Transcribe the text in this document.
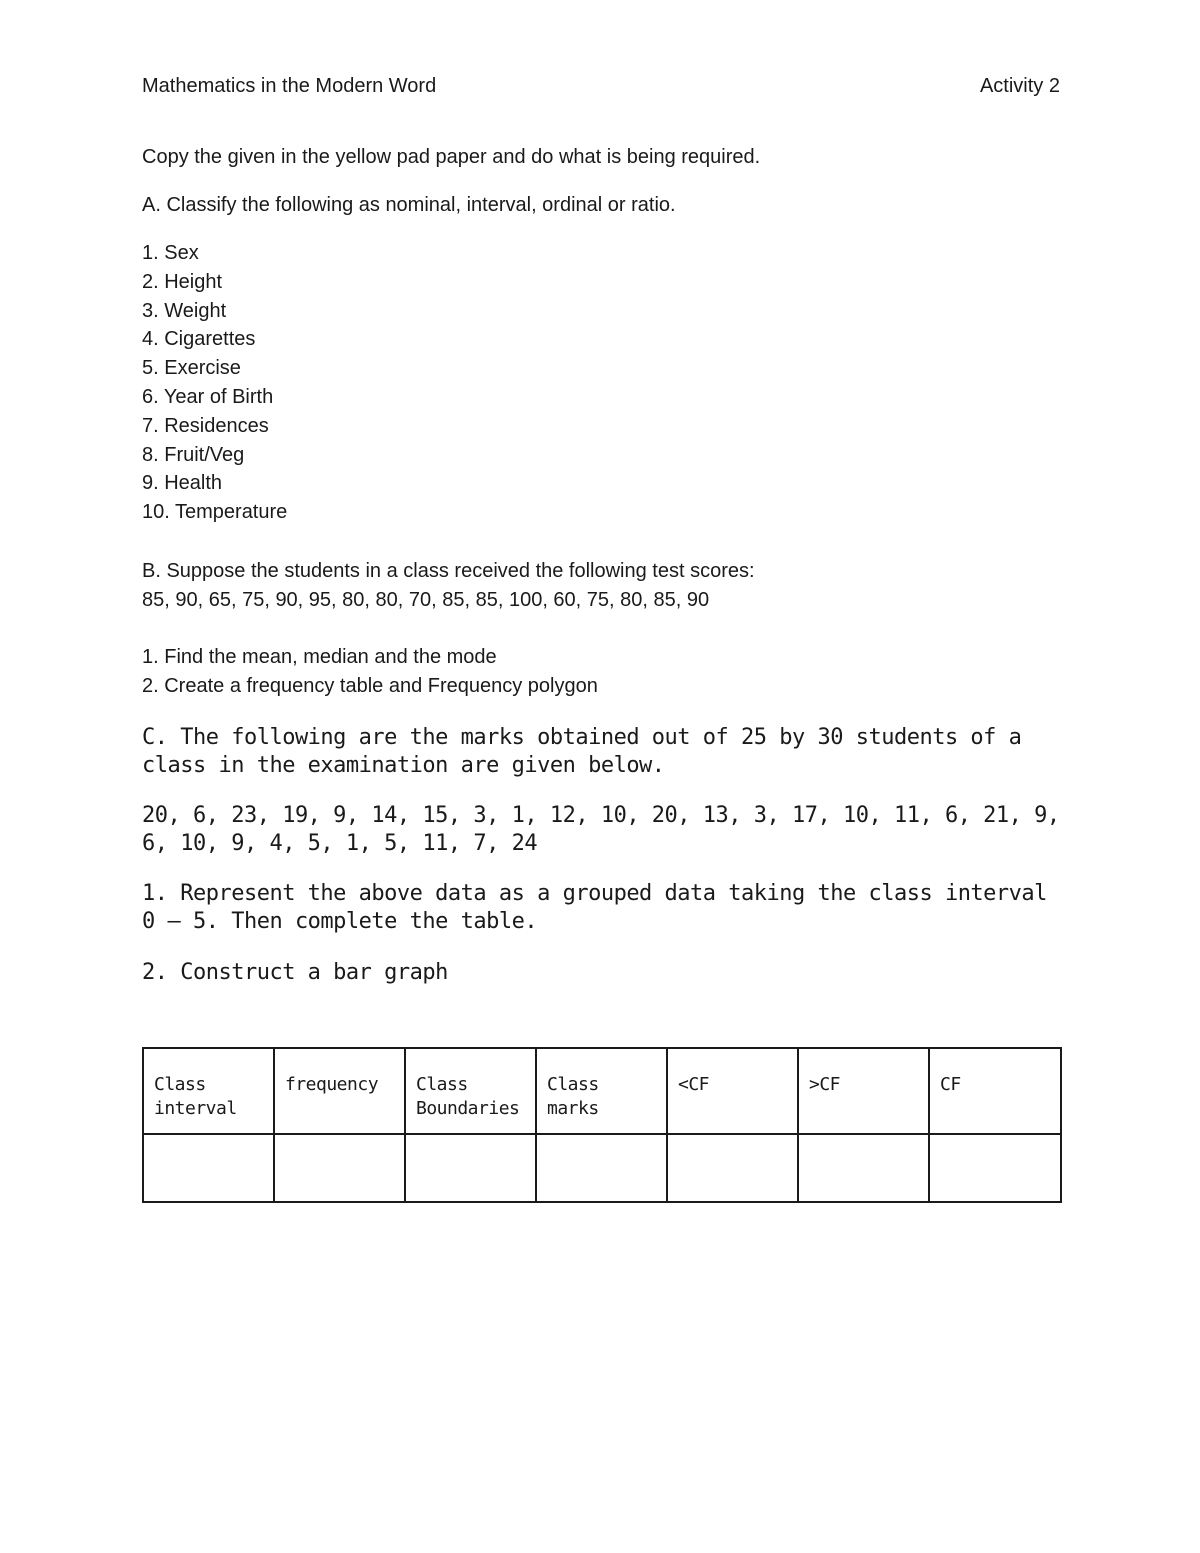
Mathematics in the Modern Word	Activity 2

Copy the given in the yellow pad paper and do what is being required.

A. Classify the following as nominal, interval, ordinal or ratio.

1. Sex
2. Height
3. Weight
4. Cigarettes
5. Exercise
6. Year of Birth
7. Residences
8. Fruit/Veg
9. Health
10. Temperature

B. Suppose the students in a class received the following test scores:

85, 90, 65, 75, 90, 95, 80, 80, 70, 85, 85, 100, 60, 75, 80, 85, 90

1. Find the mean, median and the mode

2. Create a frequency table and Frequency polygon

C. The following are the marks obtained out of 25 by 30 students of a class in the examination are given below.

20, 6, 23, 19, 9, 14, 15, 3, 1, 12, 10, 20, 13, 3, 17, 10, 11, 6, 21, 9, 6, 10, 9, 4, 5, 1, 5, 11, 7, 24

1. Represent the above data as a grouped data taking the class interval 0 – 5. Then complete the table.

2. Construct a bar graph

Class interval	frequency	Class Boundaries	Class marks	<CF	>CF	CF
